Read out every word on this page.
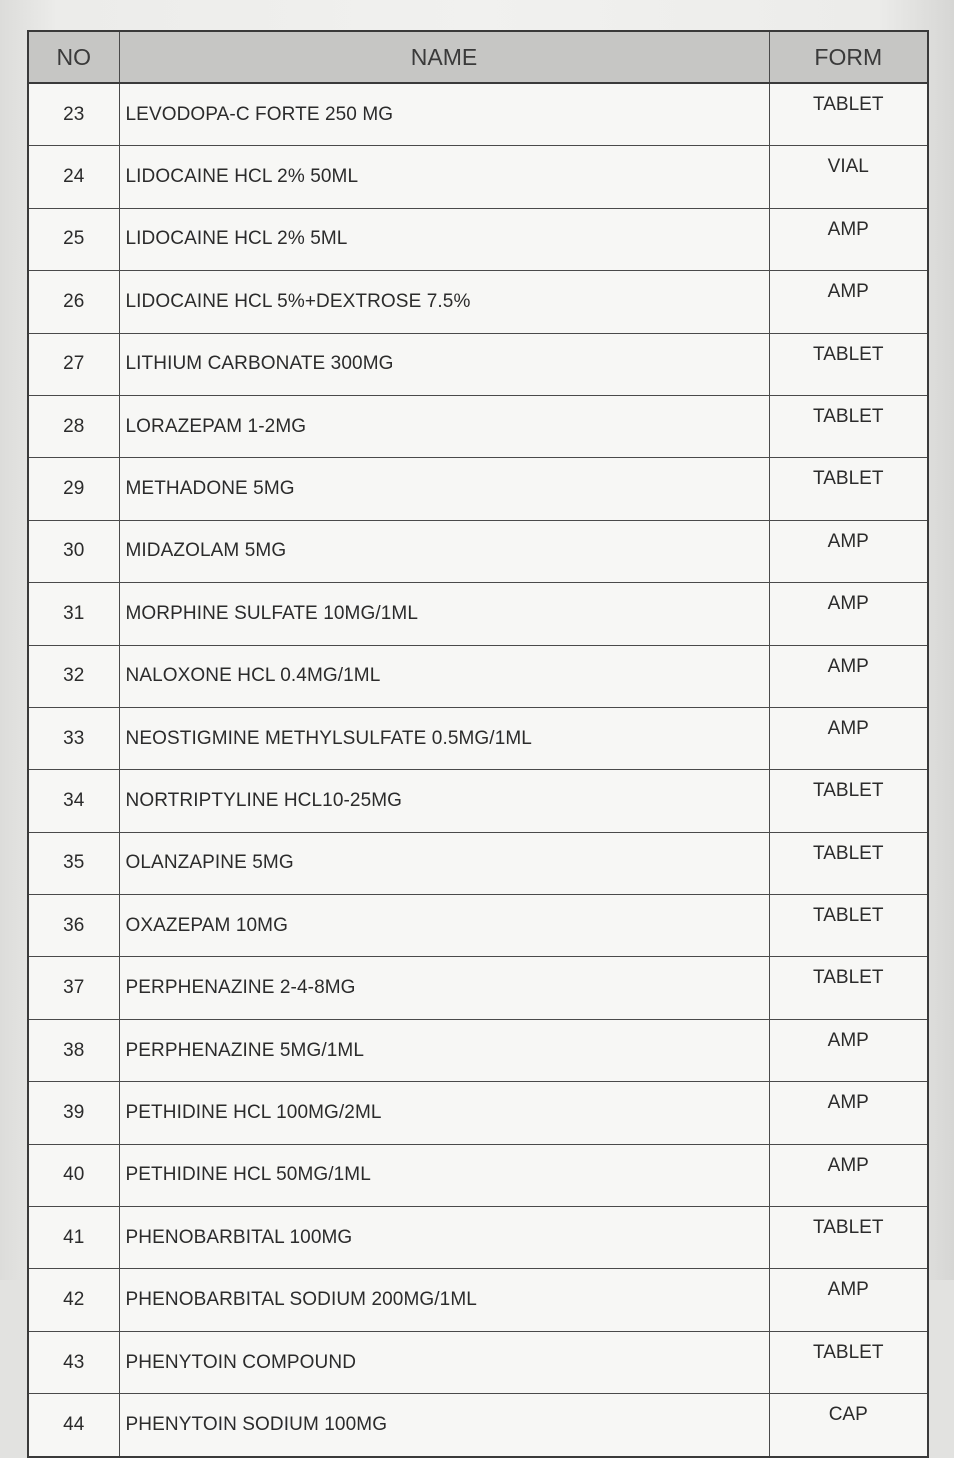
NO	NAME	FORM
23	LEVODOPA-C FORTE 250 MG	TABLET
24	LIDOCAINE HCL 2% 50ML	VIAL
25	LIDOCAINE HCL 2% 5ML	AMP
26	LIDOCAINE HCL 5%+DEXTROSE 7.5%	AMP
27	LITHIUM CARBONATE 300MG	TABLET
28	LORAZEPAM 1-2MG	TABLET
29	METHADONE 5MG	TABLET
30	MIDAZOLAM 5MG	AMP
31	MORPHINE SULFATE 10MG/1ML	AMP
32	NALOXONE HCL 0.4MG/1ML	AMP
33	NEOSTIGMINE METHYLSULFATE 0.5MG/1ML	AMP
34	NORTRIPTYLINE HCL10-25MG	TABLET
35	OLANZAPINE 5MG	TABLET
36	OXAZEPAM 10MG	TABLET
37	PERPHENAZINE 2-4-8MG	TABLET
38	PERPHENAZINE 5MG/1ML	AMP
39	PETHIDINE HCL 100MG/2ML	AMP
40	PETHIDINE HCL 50MG/1ML	AMP
41	PHENOBARBITAL 100MG	TABLET
42	PHENOBARBITAL SODIUM 200MG/1ML	AMP
43	PHENYTOIN COMPOUND	TABLET
44	PHENYTOIN SODIUM 100MG	CAP
